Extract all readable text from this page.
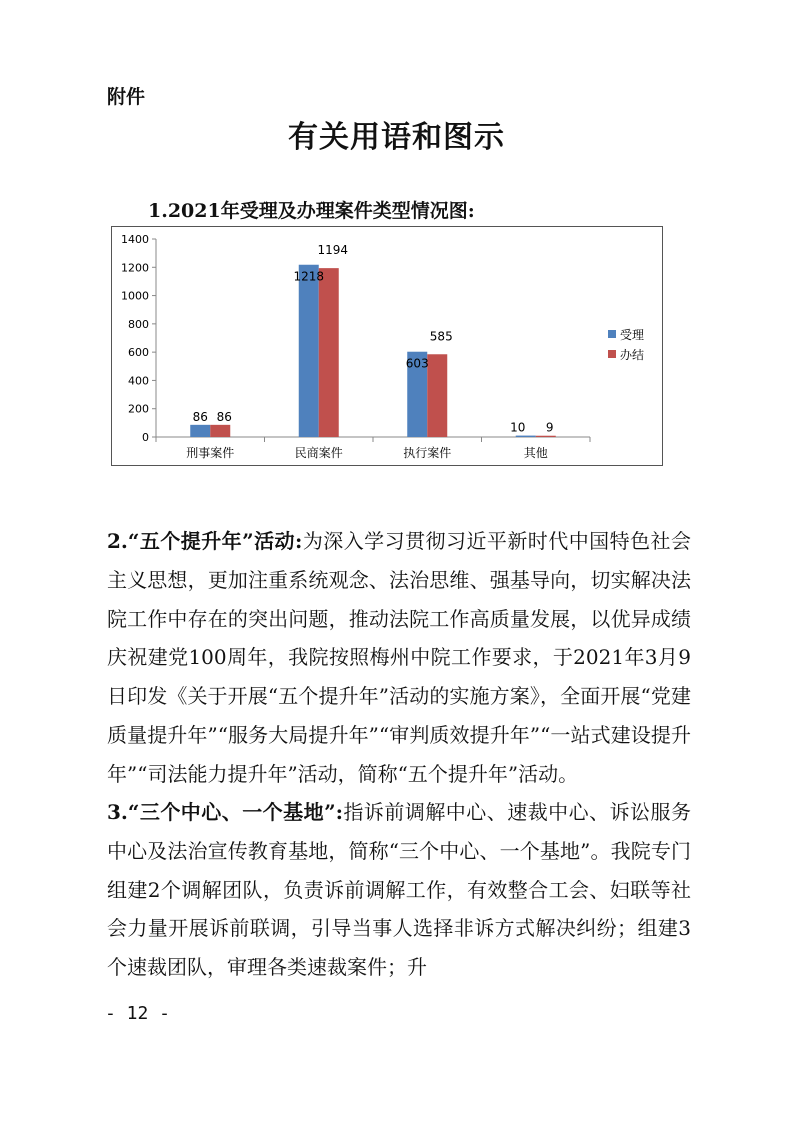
附件
有关用语和图示
1.2021年受理及办理案件类型情况图:
0
200
400
600
800
1000
1200
1400
刑事案件	民商案件	执行案件	其他
86
1218
603
10
86
1194
585
9
受理
办结

2.“五个提升年”活动:为深入学习贯彻习近平新时代中国特色社会主义思想，更加注重系统观念、法治思维、强基导向，切实解决法院工作中存在的突出问题，推动法院工作高质量发展，以优异成绩庆祝建党100周年，我院按照梅州中院工作要求，于2021年3月9日印发《关于开展“五个提升年”活动的实施方案》，全面开展“党建质量提升年”“服务大局提升年”“审判质效提升年”“一站式建设提升年”“司法能力提升年”活动，简称“五个提升年”活动。

3.“三个中心、一个基地”:指诉前调解中心、速裁中心、诉讼服务中心及法治宣传教育基地，简称“三个中心、一个基地”。我院专门组建2个调解团队，负责诉前调解工作，有效整合工会、妇联等社会力量开展诉前联调，引导当事人选择非诉方式解决纠纷；组建3个速裁团队，审理各类速裁案件；升

- 12 -
